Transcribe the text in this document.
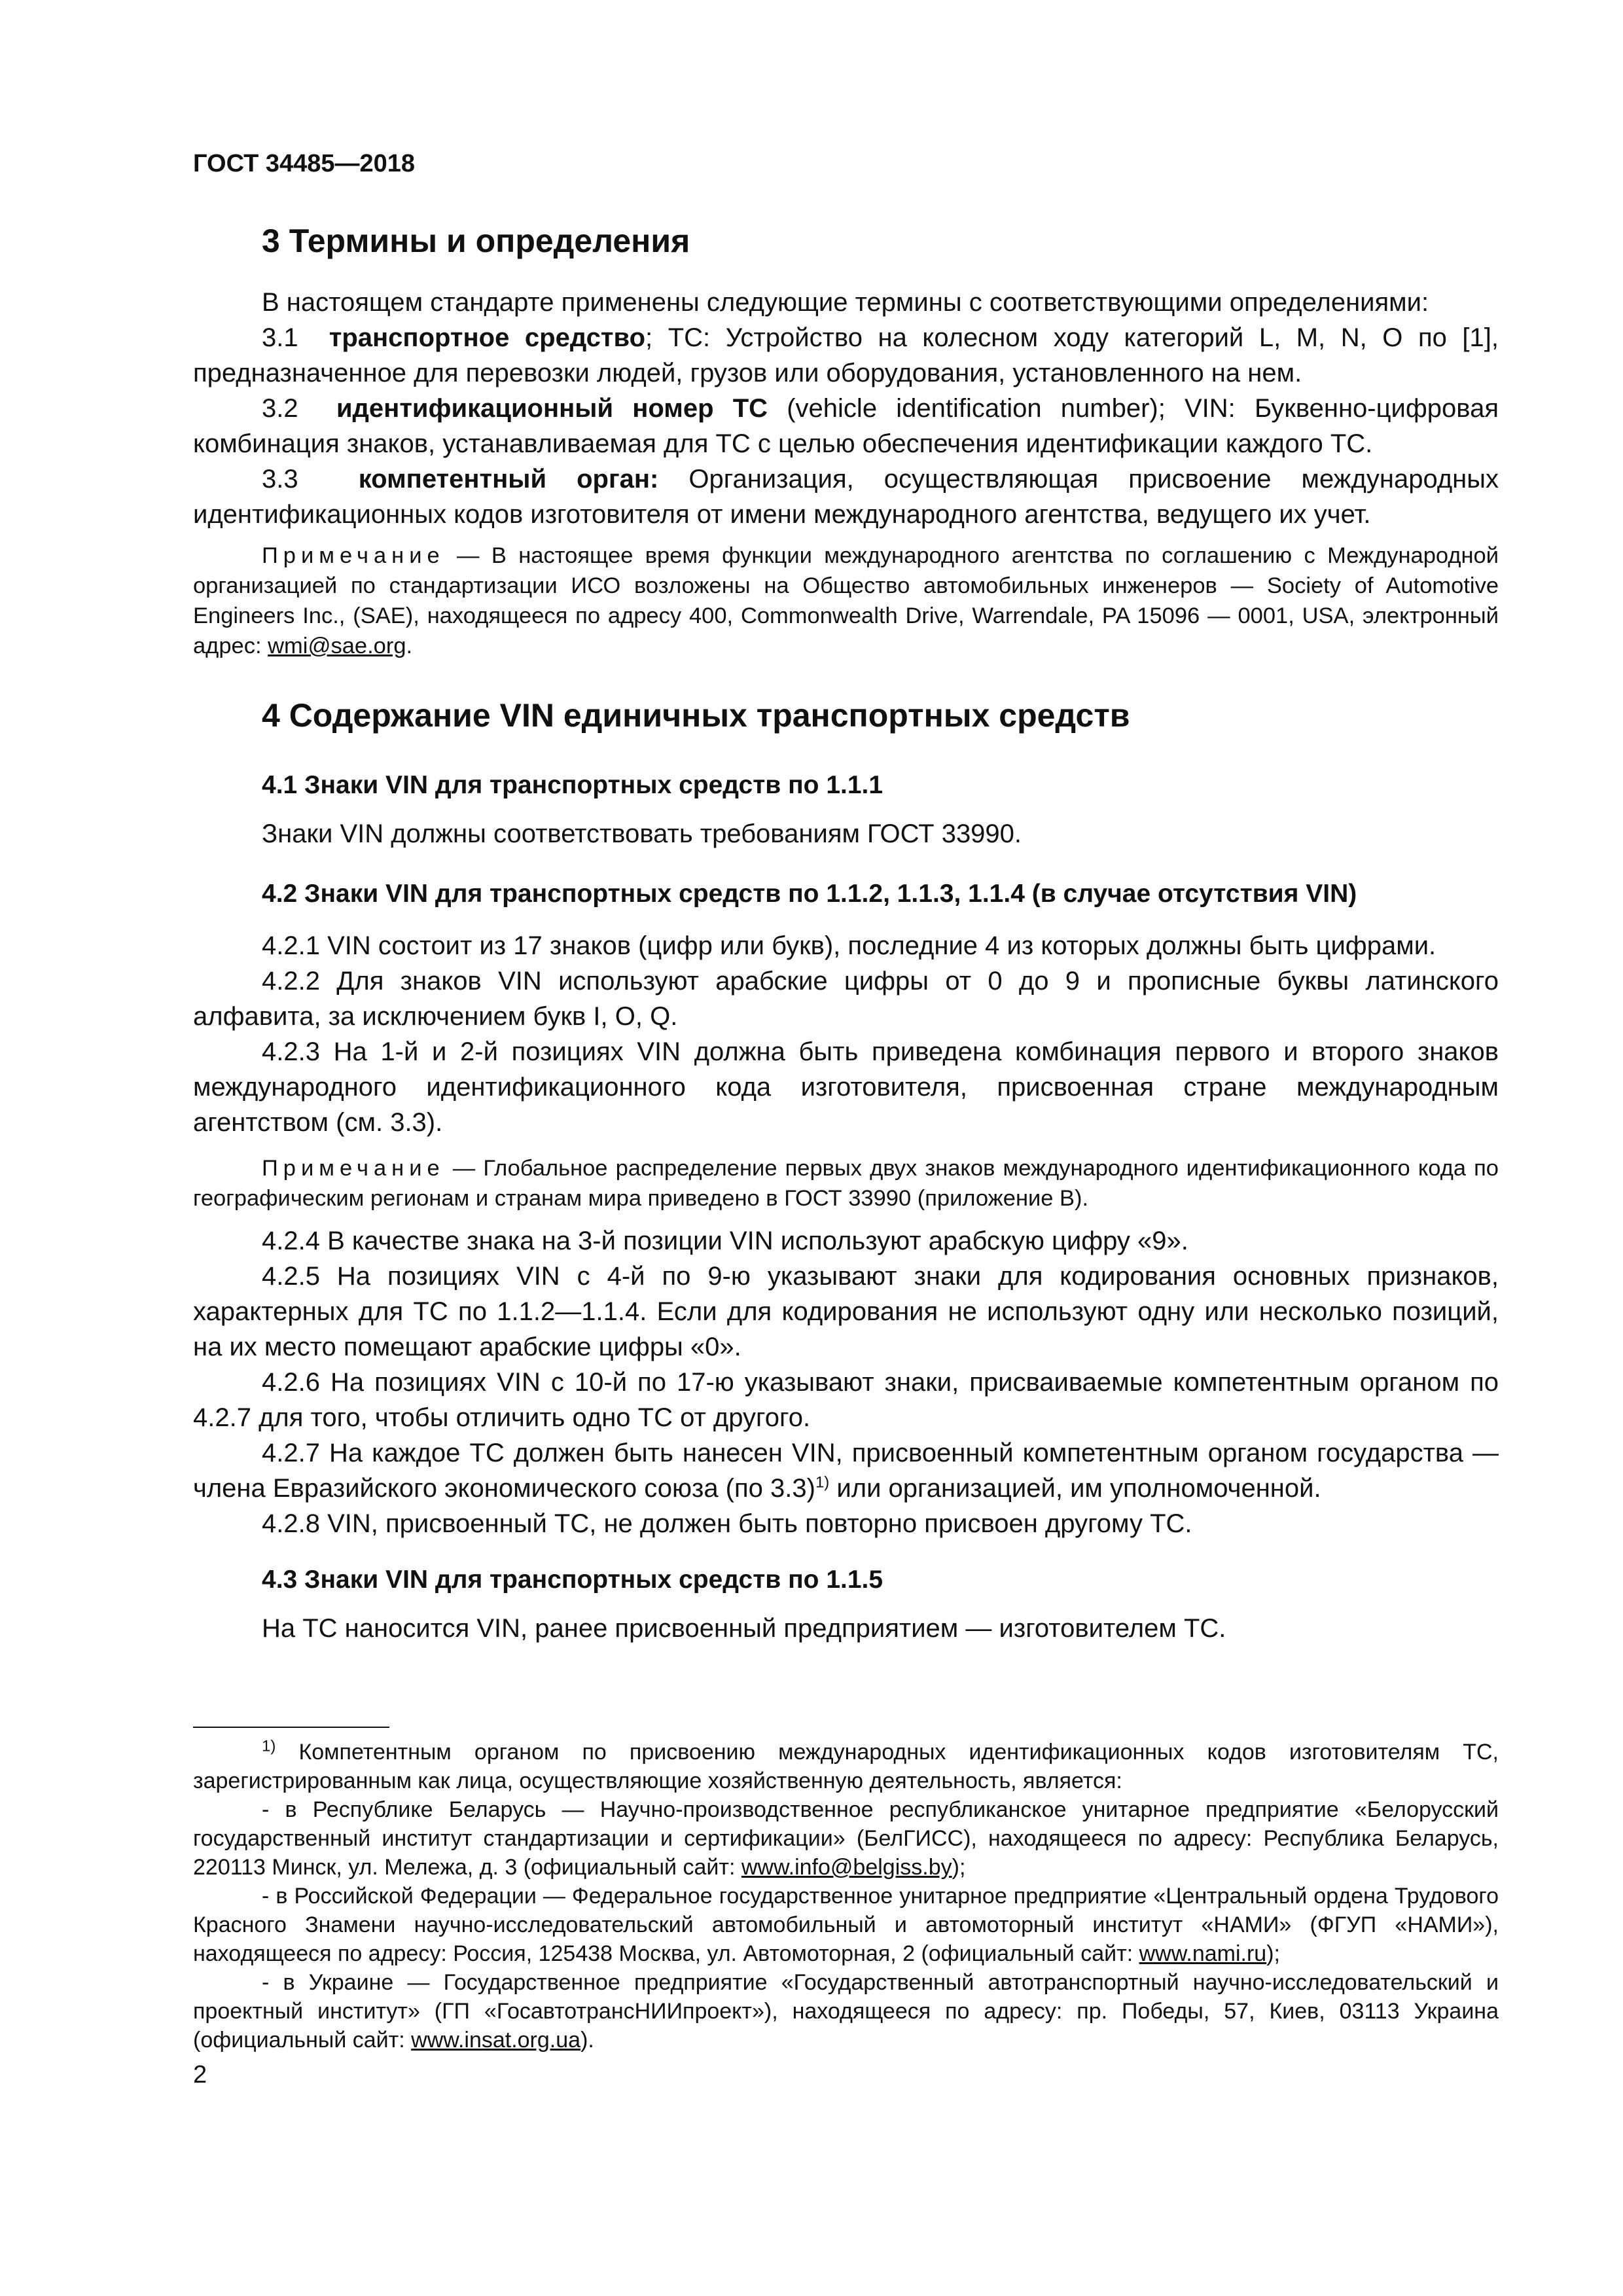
ГОСТ 34485—2018
3 Термины и определения

В настоящем стандарте применены следующие термины с соответствующими определениями:

3.1 транспортное средство; ТС: Устройство на колесном ходу категорий L, M, N, O по [1], предназначенное для перевозки людей, грузов или оборудования, установленного на нем.

3.2 идентификационный номер ТС (vehicle identification number); VIN: Буквенно-цифровая комбинация знаков, устанавливаемая для ТС с целью обеспечения идентификации каждого ТС.

3.3 компетентный орган: Организация, осуществляющая присвоение международных идентификационных кодов изготовителя от имени международного агентства, ведущего их учет.

Примечание — В настоящее время функции международного агентства по соглашению с Международной организацией по стандартизации ИСО возложены на Общество автомобильных инженеров — Society of Automotive Engineers Inc., (SAE), находящееся по адресу 400, Commonwealth Drive, Warrendale, PA 15096 — 0001, USA, электронный адрес: wmi@sae.org.

4 Содержание VIN единичных транспортных средств
4.1 Знаки VIN для транспортных средств по 1.1.1

Знаки VIN должны соответствовать требованиям ГОСТ 33990.

4.2 Знаки VIN для транспортных средств по 1.1.2, 1.1.3, 1.1.4 (в случае отсутствия VIN)

4.2.1 VIN состоит из 17 знаков (цифр или букв), последние 4 из которых должны быть цифрами.

4.2.2 Для знаков VIN используют арабские цифры от 0 до 9 и прописные буквы латинского алфавита, за исключением букв I, O, Q.

4.2.3 На 1-й и 2-й позициях VIN должна быть приведена комбинация первого и второго знаков международного идентификационного кода изготовителя, присвоенная стране международным агентством (см. 3.3).

Примечание — Глобальное распределение первых двух знаков международного идентификационного кода по географическим регионам и странам мира приведено в ГОСТ 33990 (приложение В).

4.2.4 В качестве знака на 3-й позиции VIN используют арабскую цифру «9».

4.2.5 На позициях VIN с 4-й по 9-ю указывают знаки для кодирования основных признаков, характерных для ТС по 1.1.2—1.1.4. Если для кодирования не используют одну или несколько позиций, на их место помещают арабские цифры «0».

4.2.6 На позициях VIN с 10-й по 17-ю указывают знаки, присваиваемые компетентным органом по 4.2.7 для того, чтобы отличить одно ТС от другого.

4.2.7 На каждое ТС должен быть нанесен VIN, присвоенный компетентным органом государства — члена Евразийского экономического союза (по 3.3)$^{1)}$ или организацией, им уполномоченной.

4.2.8 VIN, присвоенный ТС, не должен быть повторно присвоен другому ТС.

4.3 Знаки VIN для транспортных средств по 1.1.5

На ТС наносится VIN, ранее присвоенный предприятием — изготовителем ТС.

$^{1)}$ Компетентным органом по присвоению международных идентификационных кодов изготовителям ТС, зарегистрированным как лица, осуществляющие хозяйственную деятельность, является:

- в Республике Беларусь — Научно-производственное республиканское унитарное предприятие «Белорусский государственный институт стандартизации и сертификации» (БелГИСС), находящееся по адресу: Республика Беларусь, 220113 Минск, ул. Мележа, д. 3 (официальный сайт: www.info@belgiss.by);

- в Российской Федерации — Федеральное государственное унитарное предприятие «Центральный ордена Трудового Красного Знамени научно-исследовательский автомобильный и автомоторный институт «НАМИ» (ФГУП «НАМИ»), находящееся по адресу: Россия, 125438 Москва, ул. Автомоторная, 2 (официальный сайт: www.nami.ru);

- в Украине — Государственное предприятие «Государственный автотранспортный научно-исследовательский и проектный институт» (ГП «ГосавтотрансНИИпроект»), находящееся по адресу: пр. Победы, 57, Киев, 03113 Украина (официальный сайт: www.insat.org.ua).

2
